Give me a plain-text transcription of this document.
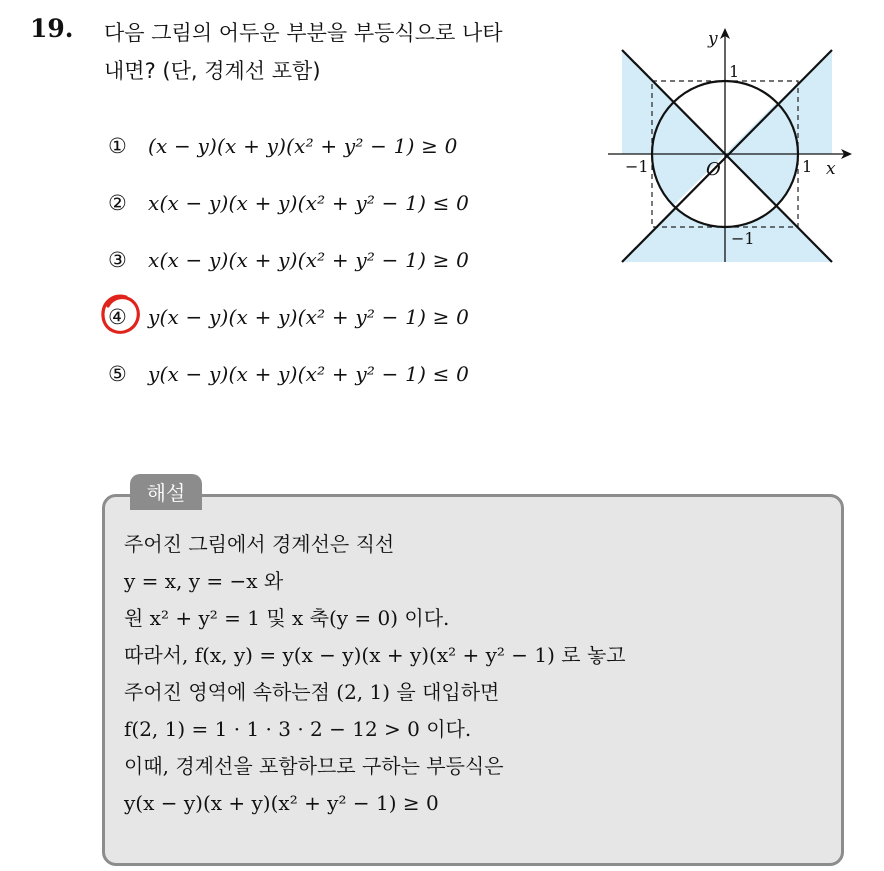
19. 다음 그림의 어두운 부분을 부등식으로 나타
내면? (단, 경계선 포함)
① (x − y)(x + y)(x² + y² − 1) ≥ 0
② x(x − y)(x + y)(x² + y² − 1) ≤ 0
③ x(x − y)(x + y)(x² + y² − 1) ≥ 0
④ y(x − y)(x + y)(x² + y² − 1) ≥ 0
⑤ y(x − y)(x + y)(x² + y² − 1) ≤ 0
y
x
O
1
−1
1
−1
해설
주어진 그림에서 경계선은 직선
y = x, y = −x 와
원 x² + y² = 1 및 x 축(y = 0) 이다.
따라서, f(x, y) = y(x − y)(x + y)(x² + y² − 1) 로 놓고
주어진 영역에 속하는점 (2, 1) 을 대입하면
f(2, 1) = 1 · 1 · 3 · 2 − 12 > 0 이다.
이때, 경계선을 포함하므로 구하는 부등식은
y(x − y)(x + y)(x² + y² − 1) ≥ 0
